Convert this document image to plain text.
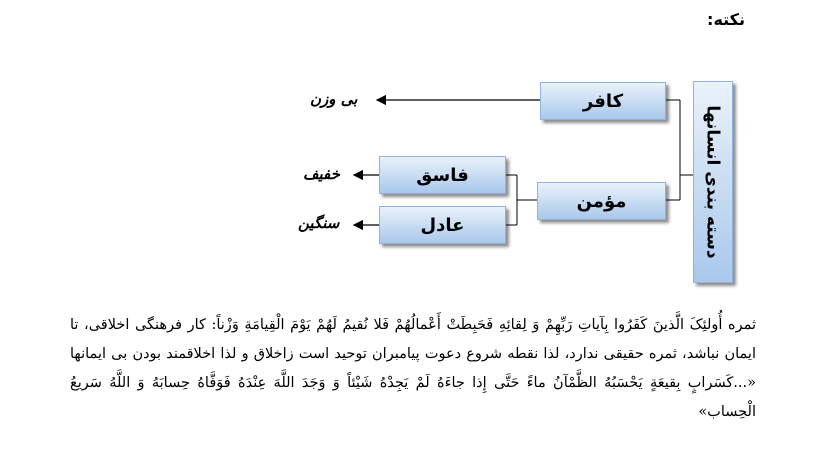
نکته:
دسته بندی انسانها
کافر
مؤمن
فاسق
عادل
بی وزن
خفیف
سنگین
ثمره أُولئِکَ الَّذینَ کَفَرُوا بِآیاتِ رَبِّهِمْ وَ لِقائِهِ فَحَبِطَتْ أَعْمالُهُمْ فَلا نُقیمُ لَهُمْ یَوْمَ الْقِیامَةِ وَزْناً: کار فرهنگی اخلاقی، تا ایمان نباشد، ثمره حقیقی ندارد، لذا نقطه شروع دعوت پیامبران توحید است زاخلاق و لذا اخلاقمند بودن بی ایمانها «...کَسَرابٍ بِقیعَةٍ یَحْسَبُهُ الظَّمْآنُ ماءً حَتَّی إِذا جاءَهُ لَمْ یَجِدْهُ شَیْئاً وَ وَجَدَ اللَّهَ عِنْدَهُ فَوَفَّاهُ حِسابَهُ وَ اللَّهُ سَریعُ الْحِساب»
